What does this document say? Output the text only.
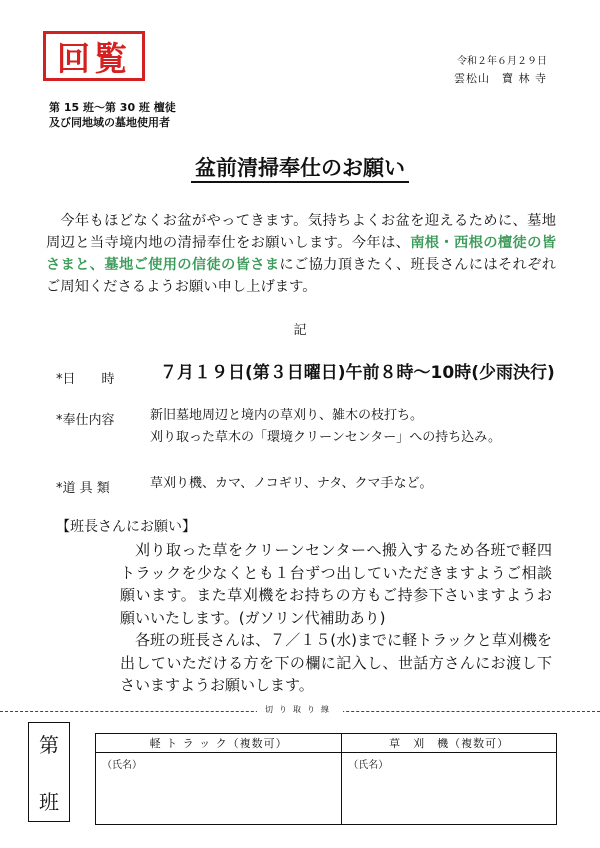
回覧	令和２年６月２９日
雲松山　寶 林 寺
第 15 班～第 30 班 檀徒
及び同地域の墓地使用者
盆前清掃奉仕のお願い
今年もほどなくお盆がやってきます。気持ちよくお盆を迎えるために、墓地周辺と当寺境内地の清掃奉仕をお願いします。今年は、南根・西根の檀徒の皆さまと、墓地ご使用の信徒の皆さまにご協力頂きたく、班長さんにはそれぞれご周知くださるようお願い申し上げます。
記
*日　　時	７月１９日(第３日曜日)午前８時～10時(少雨決行)
*奉仕内容	新旧墓地周辺と境内の草刈り、雑木の枝打ち。
刈り取った草木の「環境クリーンセンター」への持ち込み。
*道 具 類	草刈り機、カマ、ノコギリ、ナタ、クマ手など。
【班長さんにお願い】

刈り取った草をクリーンセンターへ搬入するため各班で軽四トラックを少なくとも１台ずつ出していただきますようご相談願います。また草刈機をお持ちの方もご持参下さいますようお願いいたします。(ガソリン代補助あり)

各班の班長さんは、７／１５(水)までに軽トラックと草刈機を出していただける方を下の欄に記入し、世話方さんにお渡し下さいますようお願いします。

切り取り線
第
班
軽 ト ラ ッ ク（複数可）	草　刈　機（複数可）
（氏名）	（氏名）
